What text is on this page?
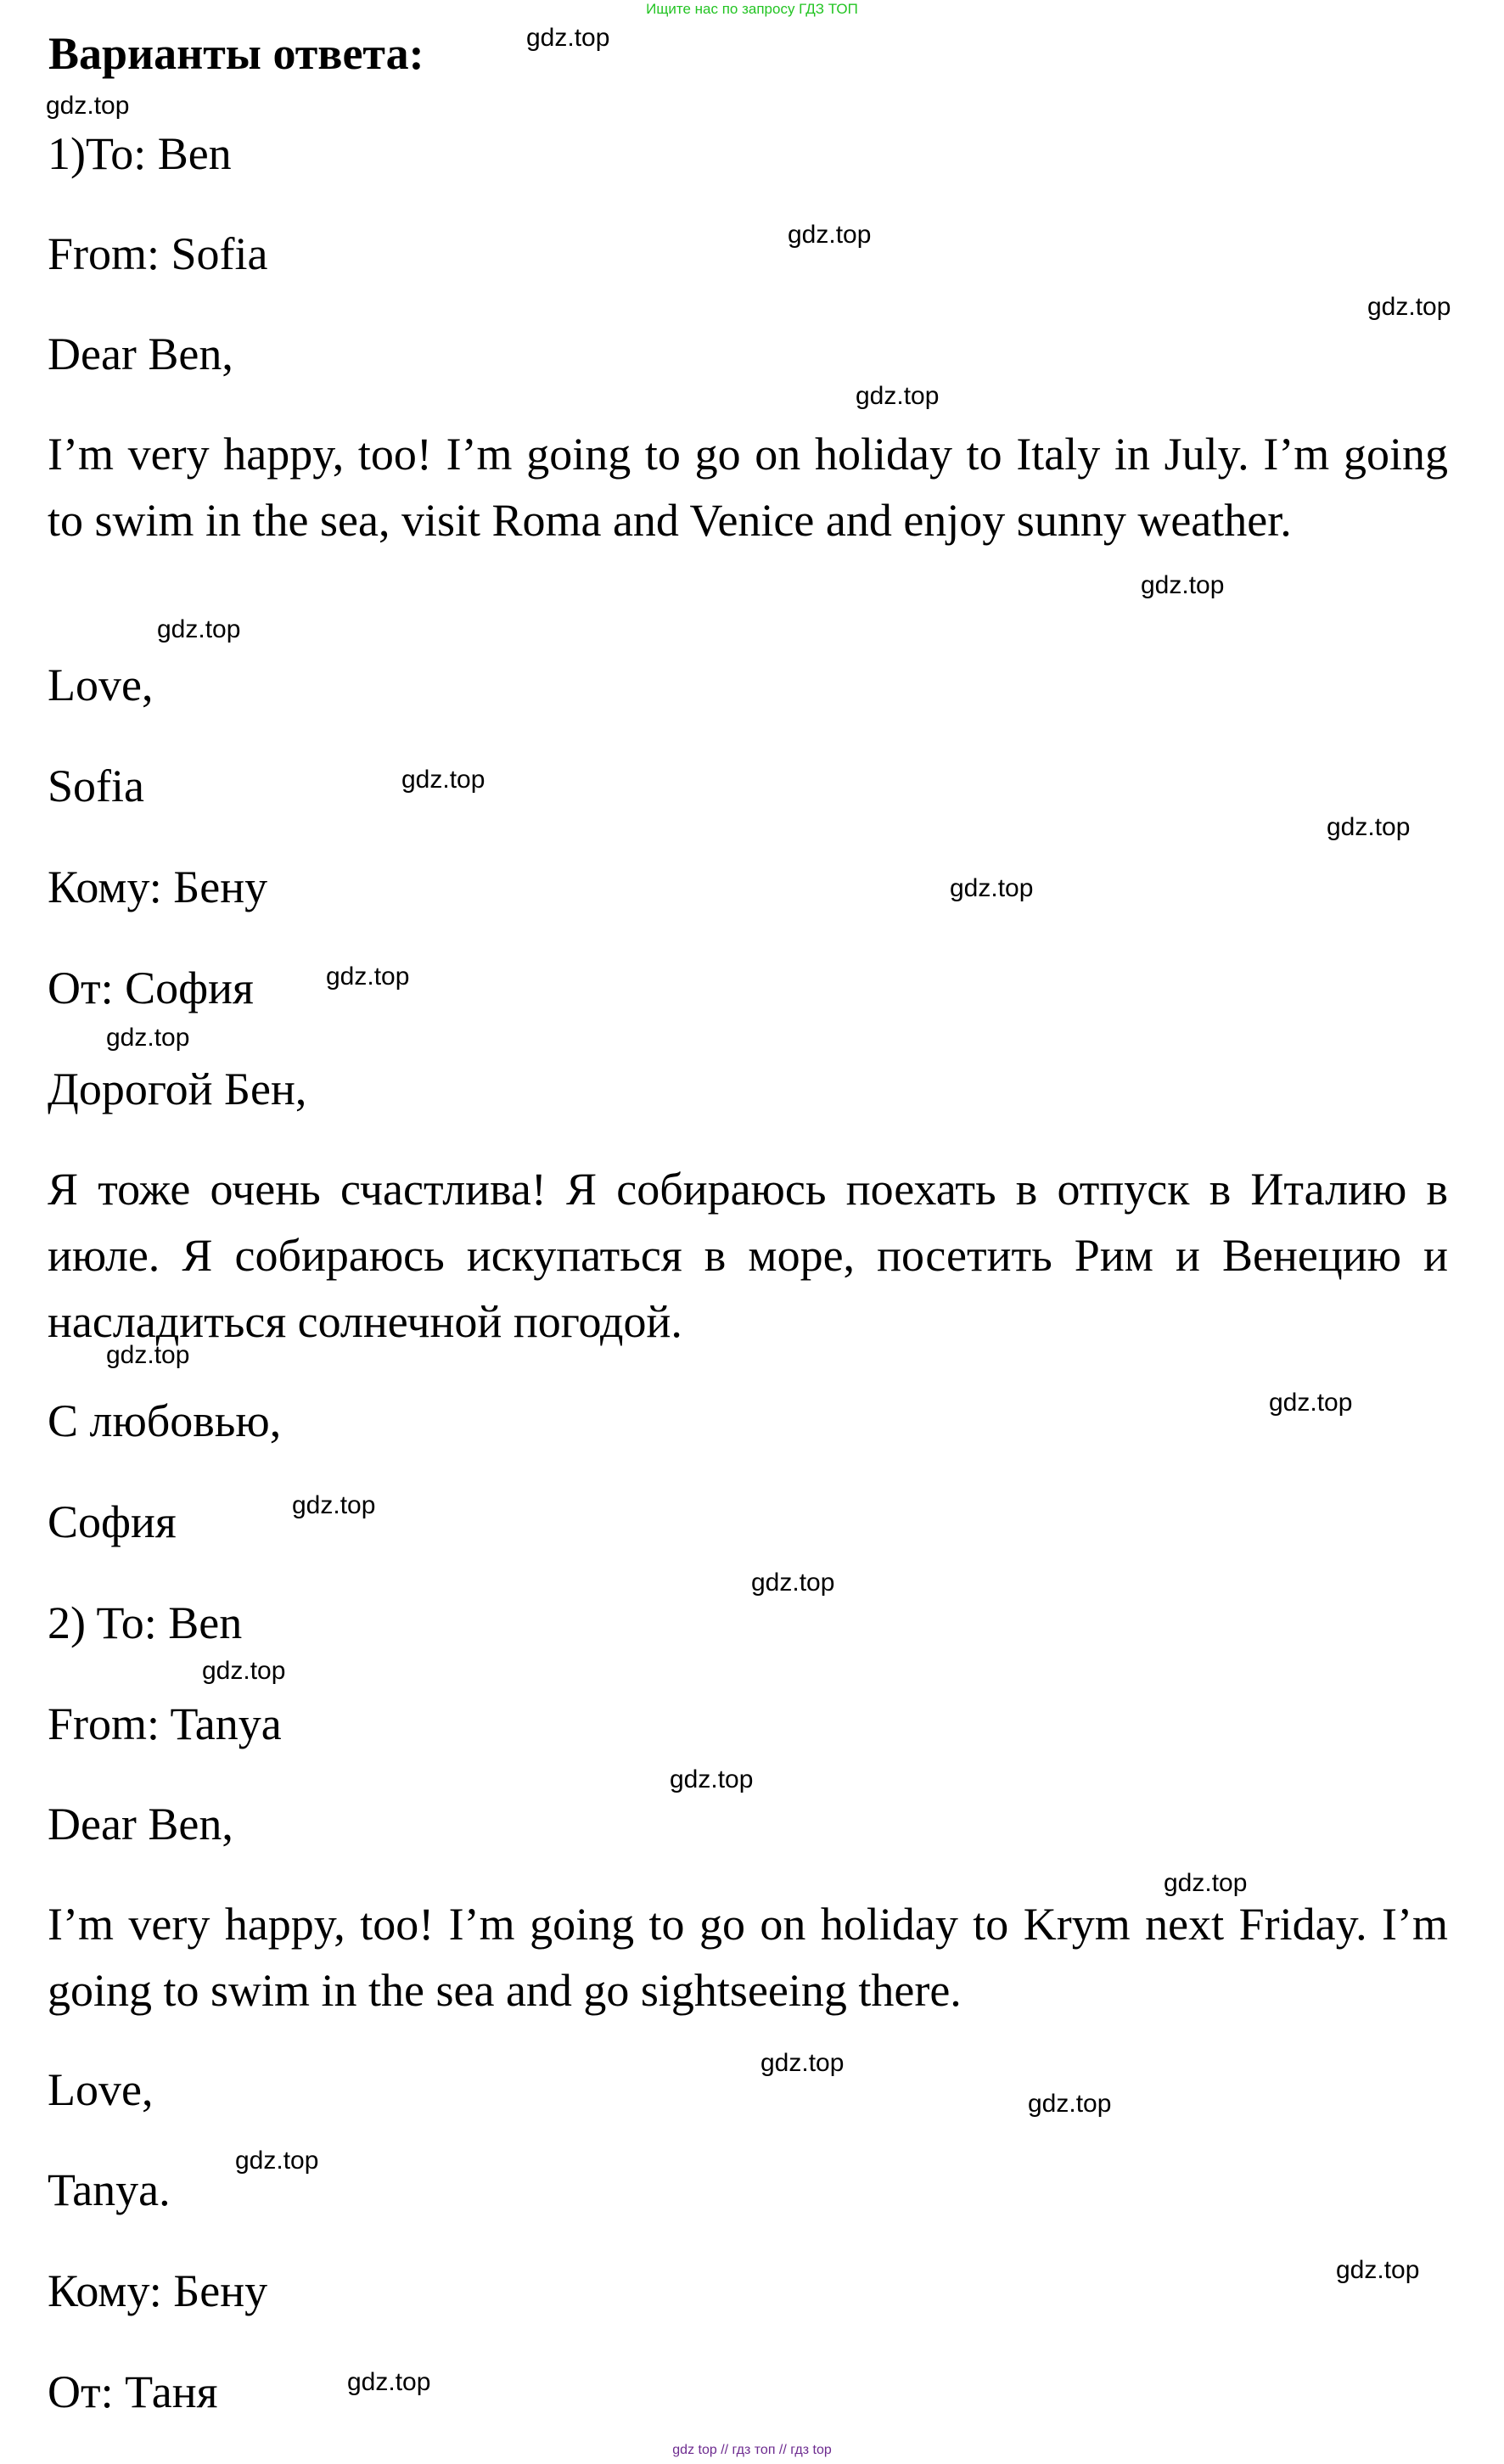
Ищите нас по запросу ГДЗ ТОП
Варианты ответа:
1)To: Ben
From: Sofia
Dear Ben,
I’m very happy, too! I’m going to go on holiday to Italy in July. I’m going to swim in the sea, visit Roma and Venice and enjoy sunny weather.
Love,
Sofia
Кому: Бену
От: София
Дорогой Бен,
Я тоже очень счастлива! Я собираюсь поехать в отпуск в Италию в июле. Я собираюсь искупаться в море, посетить Рим и Венецию и насладиться солнечной погодой.
С любовью,
София
2) To: Ben
From: Tanya
Dear Ben,
I’m very happy, too! I’m going to go on holiday to Krym next Friday. I’m going to swim in the sea and go sightseeing there.
Love,
Tanya.
Кому: Бену
От: Таня
gdz.top
gdz.top
gdz.top
gdz.top
gdz.top
gdz.top
gdz.top
gdz.top
gdz.top
gdz.top
gdz.top
gdz.top
gdz.top
gdz.top
gdz.top
gdz.top
gdz.top
gdz.top
gdz.top
gdz.top
gdz.top
gdz.top
gdz.top
gdz.top
gdz top // гдз топ // гдз top
